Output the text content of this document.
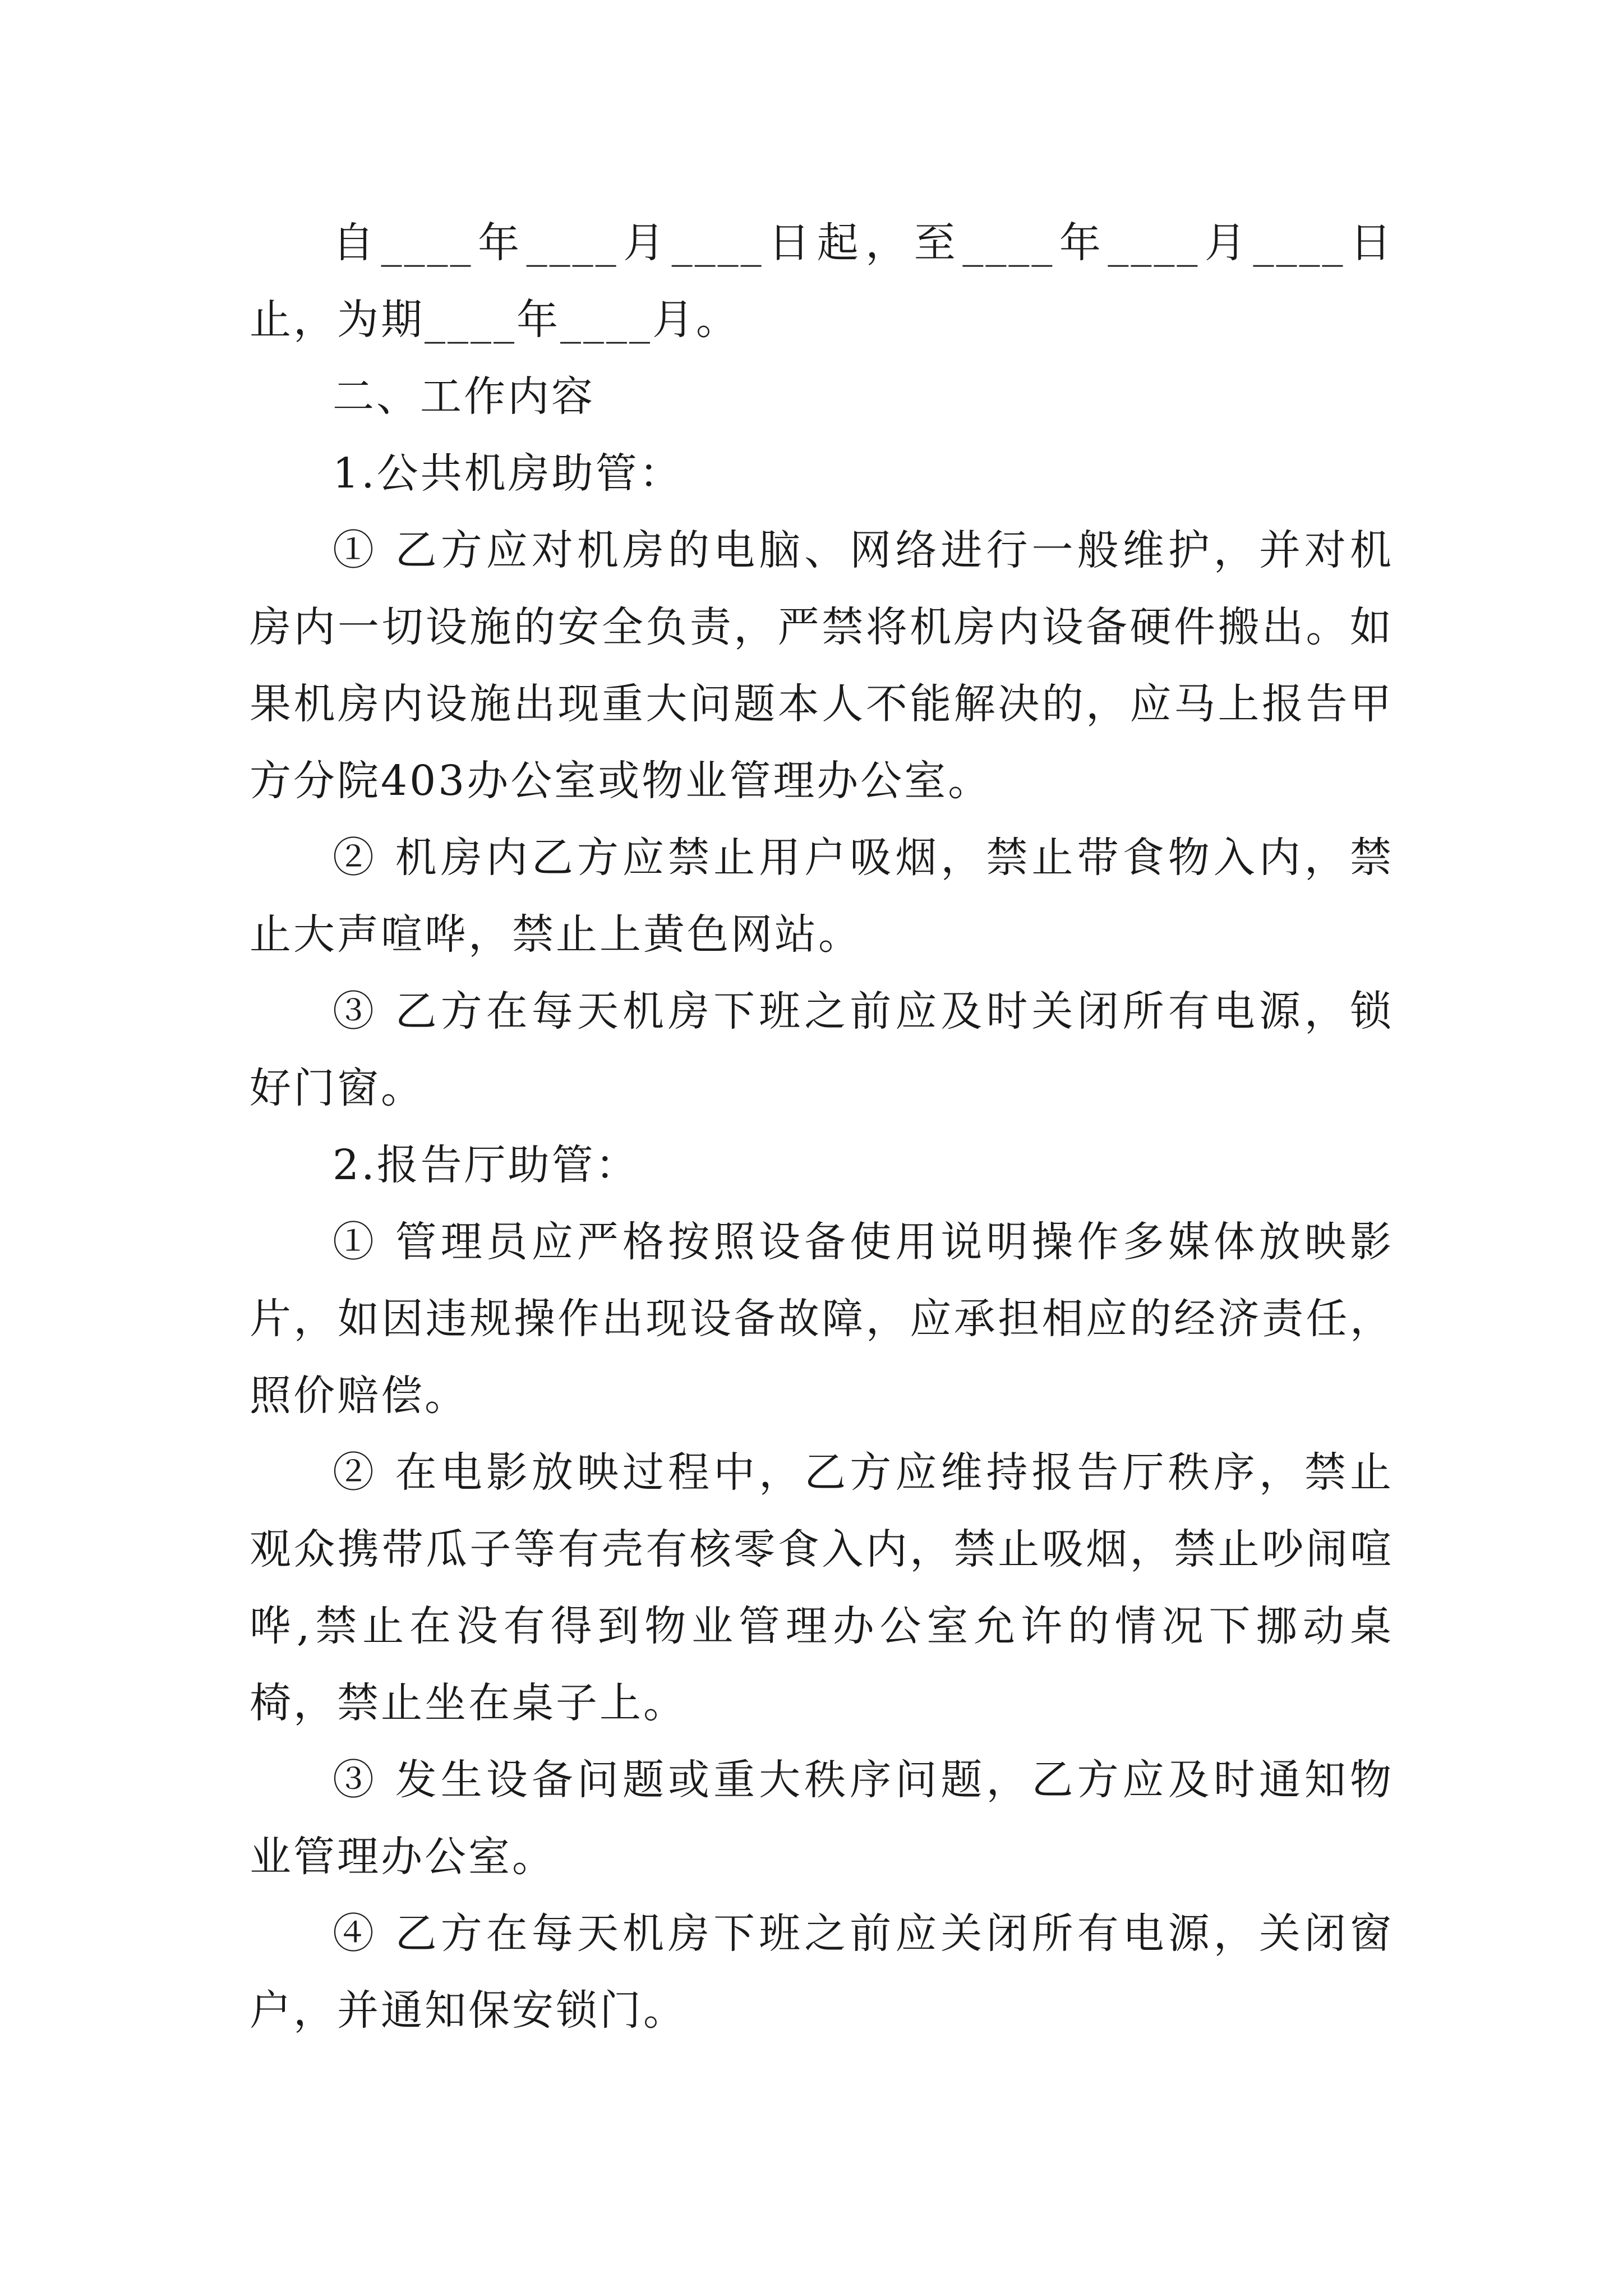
自____年____月____日起，至____年____月____日止，为期____年____月。

二、工作内容

1.公共机房助管：

① 乙方应对机房的电脑、网络进行一般维护，并对机房内一切设施的安全负责，严禁将机房内设备硬件搬出。如果机房内设施出现重大问题本人不能解决的，应马上报告甲方分院403办公室或物业管理办公室。

② 机房内乙方应禁止用户吸烟，禁止带食物入内，禁止大声喧哗，禁止上黄色网站。

③ 乙方在每天机房下班之前应及时关闭所有电源，锁好门窗。

2.报告厅助管：

① 管理员应严格按照设备使用说明操作多媒体放映影片，如因违规操作出现设备故障，应承担相应的经济责任，照价赔偿。

② 在电影放映过程中，乙方应维持报告厅秩序，禁止观众携带瓜子等有壳有核零食入内，禁止吸烟，禁止吵闹喧哗,禁止在没有得到物业管理办公室允许的情况下挪动桌椅，禁止坐在桌子上。

③ 发生设备问题或重大秩序问题，乙方应及时通知物业管理办公室。

④ 乙方在每天机房下班之前应关闭所有电源，关闭窗户，并通知保安锁门。
